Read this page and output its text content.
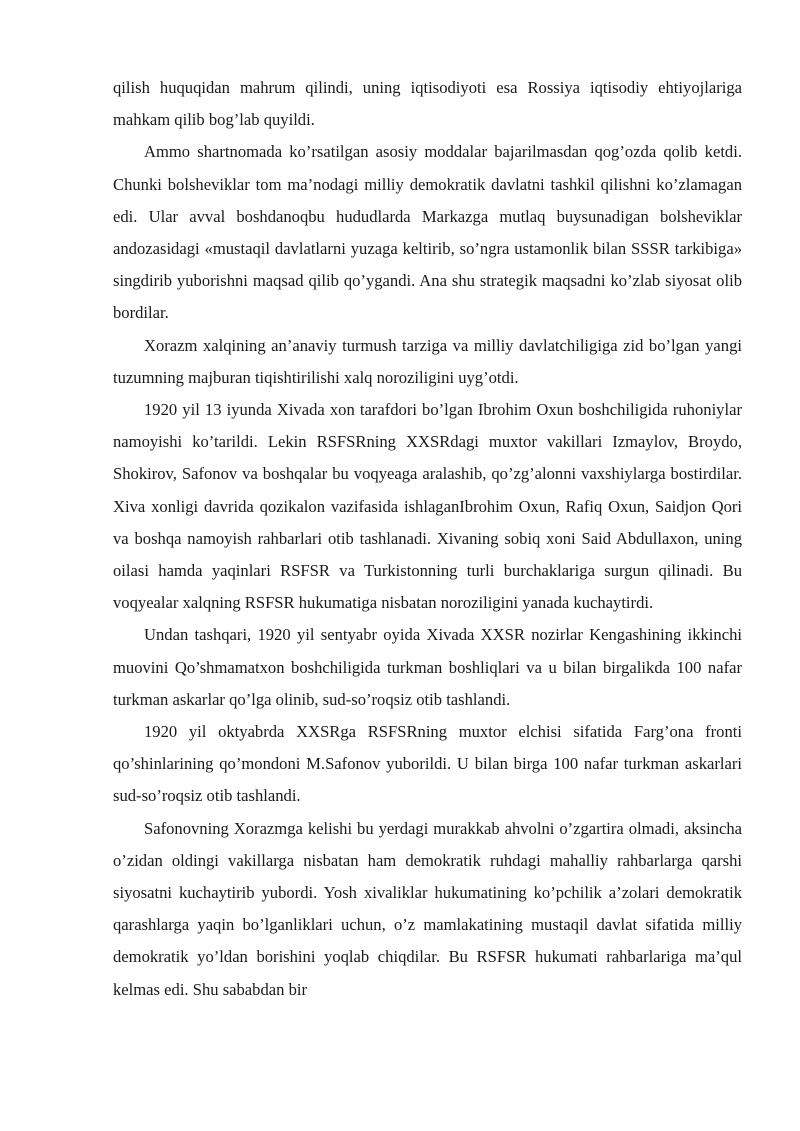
qilish huquqidan mahrum qilindi, uning iqtisodiyoti esa Rossiya iqtisodiy ehtiyojlariga mahkam qilib bog’lab quyildi.

Ammo shartnomada ko’rsatilgan asosiy moddalar bajarilmasdan qog’ozda qolib ketdi. Chunki bolsheviklar tom ma’nodagi milliy demokratik davlatni tashkil qilishni ko’zlamagan edi. Ular avval boshdanoqbu hududlarda Markazga mutlaq buysunadigan bolsheviklar andozasidagi «mustaqil davlatlarni yuzaga keltirib, so’ngra ustamonlik bilan SSSR tarkibiga» singdirib yuborishni maqsad qilib qo’ygandi. Ana shu strategik maqsadni ko’zlab siyosat olib bordilar.

Xorazm xalqining an’anaviy turmush tarziga va milliy davlatchiligiga zid bo’lgan yangi tuzumning majburan tiqishtirilishi xalq noroziligini uyg’otdi.

1920 yil 13 iyunda Xivada xon tarafdori bo’lgan Ibrohim Oxun boshchiligida ruhoniylar namoyishi ko’tarildi. Lekin RSFSRning XXSRdagi muxtor vakillari Izmaylov, Broydo, Shokirov, Safonov va boshqalar bu voqyeaga aralashib, qo’zg’alonni vaxshiylarga bostirdilar. Xiva xonligi davrida qozikalon vazifasida ishlaganIbrohim Oxun, Rafiq Oxun, Saidjon Qori va boshqa namoyish rahbarlari otib tashlanadi. Xivaning sobiq xoni Said Abdullaxon, uning oilasi hamda yaqinlari RSFSR va Turkistonning turli burchaklariga surgun qilinadi. Bu voqyealar xalqning RSFSR hukumatiga nisbatan noroziligini yanada kuchaytirdi.

Undan tashqari, 1920 yil sentyabr oyida Xivada XXSR nozirlar Kengashining ikkinchi muovini Qo’shmamatxon boshchiligida turkman boshliqlari va u bilan birgalikda 100 nafar turkman askarlar qo’lga olinib, sud-so’roqsiz otib tashlandi.

1920 yil oktyabrda XXSRga RSFSRning muxtor elchisi sifatida Farg’ona fronti qo’shinlarining qo’mondoni M.Safonov yuborildi. U bilan birga 100 nafar turkman askarlari sud-so’roqsiz otib tashlandi.

Safonovning Xorazmga kelishi bu yerdagi murakkab ahvolni o’zgartira olmadi, aksincha o’zidan oldingi vakillarga nisbatan ham demokratik ruhdagi mahalliy rahbarlarga qarshi siyosatni kuchaytirib yubordi. Yosh xivaliklar hukumatining ko’pchilik a’zolari demokratik qarashlarga yaqin bo’lganliklari uchun, o’z mamlakatining mustaqil davlat sifatida milliy demokratik yo’ldan borishini yoqlab chiqdilar. Bu RSFSR hukumati rahbarlariga ma’qul kelmas edi. Shu sababdan bir
